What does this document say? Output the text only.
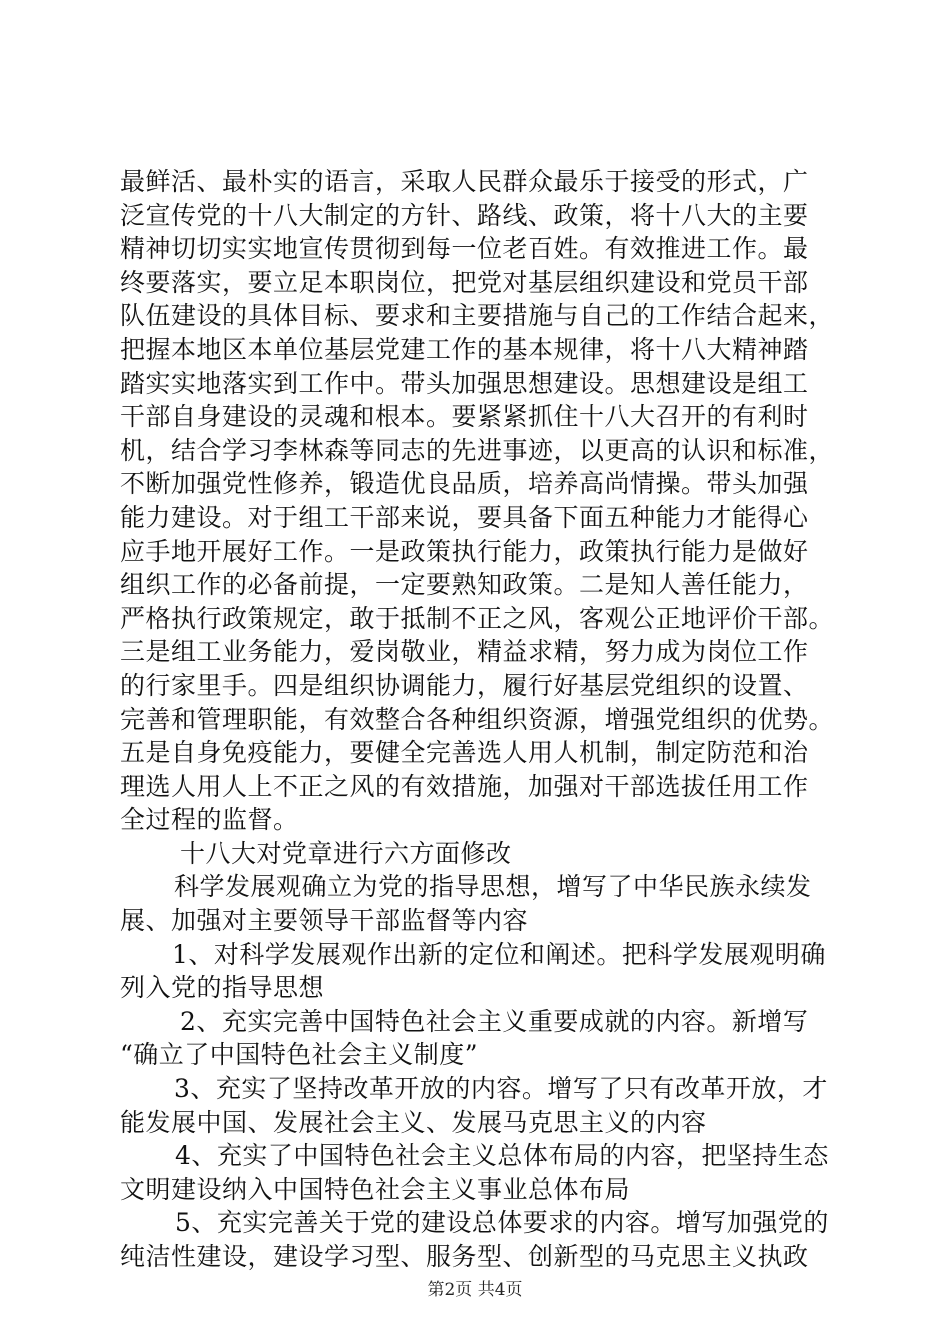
最鲜活、最朴实的语言，采取人民群众最乐于接受的形式，广
泛宣传党的十八大制定的方针、路线、政策，将十八大的主要
精神切切实实地宣传贯彻到每一位老百姓。有效推进工作。最
终要落实，要立足本职岗位，把党对基层组织建设和党员干部
队伍建设的具体目标、要求和主要措施与自己的工作结合起来，
把握本地区本单位基层党建工作的基本规律，将十八大精神踏
踏实实地落实到工作中。带头加强思想建设。思想建设是组工
干部自身建设的灵魂和根本。要紧紧抓住十八大召开的有利时
机，结合学习李林森等同志的先进事迹，以更高的认识和标准，
不断加强党性修养，锻造优良品质，培养高尚情操。带头加强
能力建设。对于组工干部来说，要具备下面五种能力才能得心
应手地开展好工作。一是政策执行能力，政策执行能力是做好
组织工作的必备前提，一定要熟知政策。二是知人善任能力，
严格执行政策规定，敢于抵制不正之风，客观公正地评价干部。
三是组工业务能力，爱岗敬业，精益求精，努力成为岗位工作
的行家里手。四是组织协调能力，履行好基层党组织的设置、
完善和管理职能，有效整合各种组织资源，增强党组织的优势。
五是自身免疫能力，要健全完善选人用人机制，制定防范和治
理选人用人上不正之风的有效措施，加强对干部选拔任用工作
全过程的监督。
十八大对党章进行六方面修改
科学发展观确立为党的指导思想，增写了中华民族永续发
展、加强对主要领导干部监督等内容
1、对科学发展观作出新的定位和阐述。把科学发展观明确
列入党的指导思想
2、充实完善中国特色社会主义重要成就的内容。新增写
“确立了中国特色社会主义制度”
3、充实了坚持改革开放的内容。增写了只有改革开放，才
能发展中国、发展社会主义、发展马克思主义的内容
4、充实了中国特色社会主义总体布局的内容，把坚持生态
文明建设纳入中国特色社会主义事业总体布局
5、充实完善关于党的建设总体要求的内容。增写加强党的
纯洁性建设，建设学习型、服务型、创新型的马克思主义执政
第2页 共4页
